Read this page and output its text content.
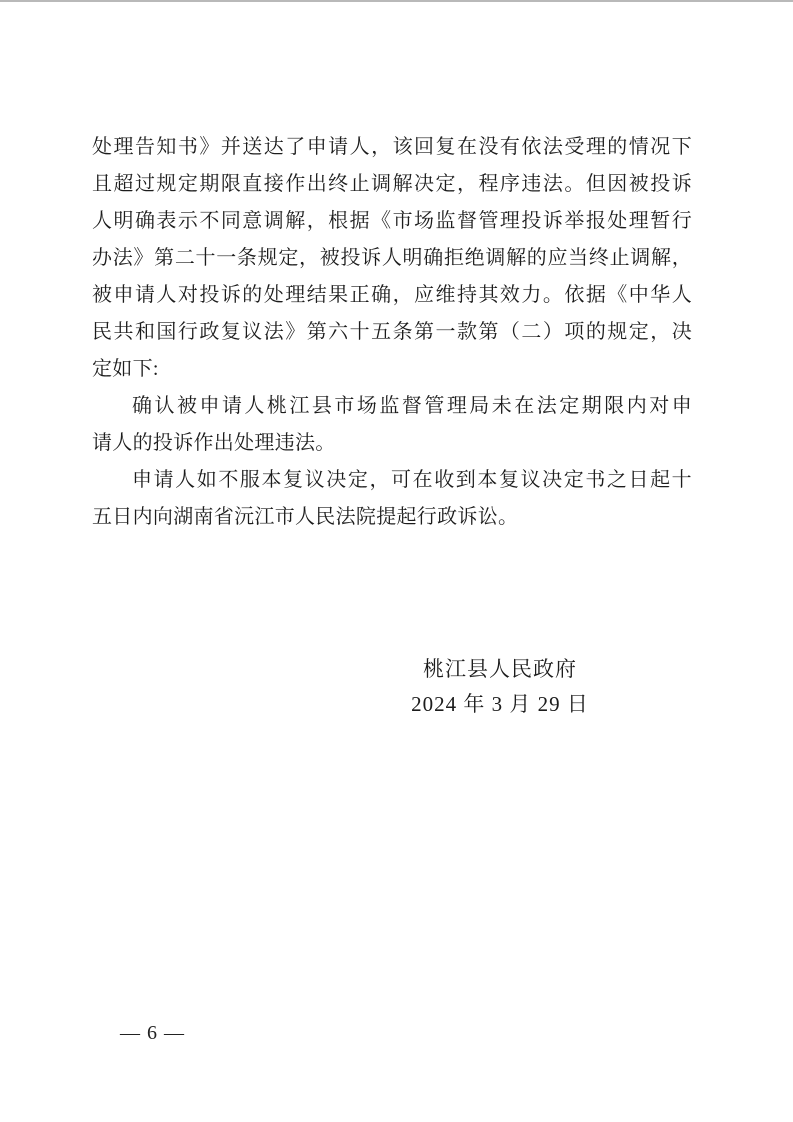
处理告知书》并送达了申请人，该回复在没有依法受理的情况下
且超过规定期限直接作出终止调解决定，程序违法。但因被投诉
人明确表示不同意调解，根据《市场监督管理投诉举报处理暂行
办法》第二十一条规定，被投诉人明确拒绝调解的应当终止调解，
被申请人对投诉的处理结果正确，应维持其效力。依据《中华人
民共和国行政复议法》第六十五条第一款第（二）项的规定，决
定如下:
确认被申请人桃江县市场监督管理局未在法定期限内对申
请人的投诉作出处理违法。
申请人如不服本复议决定，可在收到本复议决定书之日起十
五日内向湖南省沅江市人民法院提起行政诉讼。
桃江县人民政府
2024 年 3 月 29 日
— 6 —
